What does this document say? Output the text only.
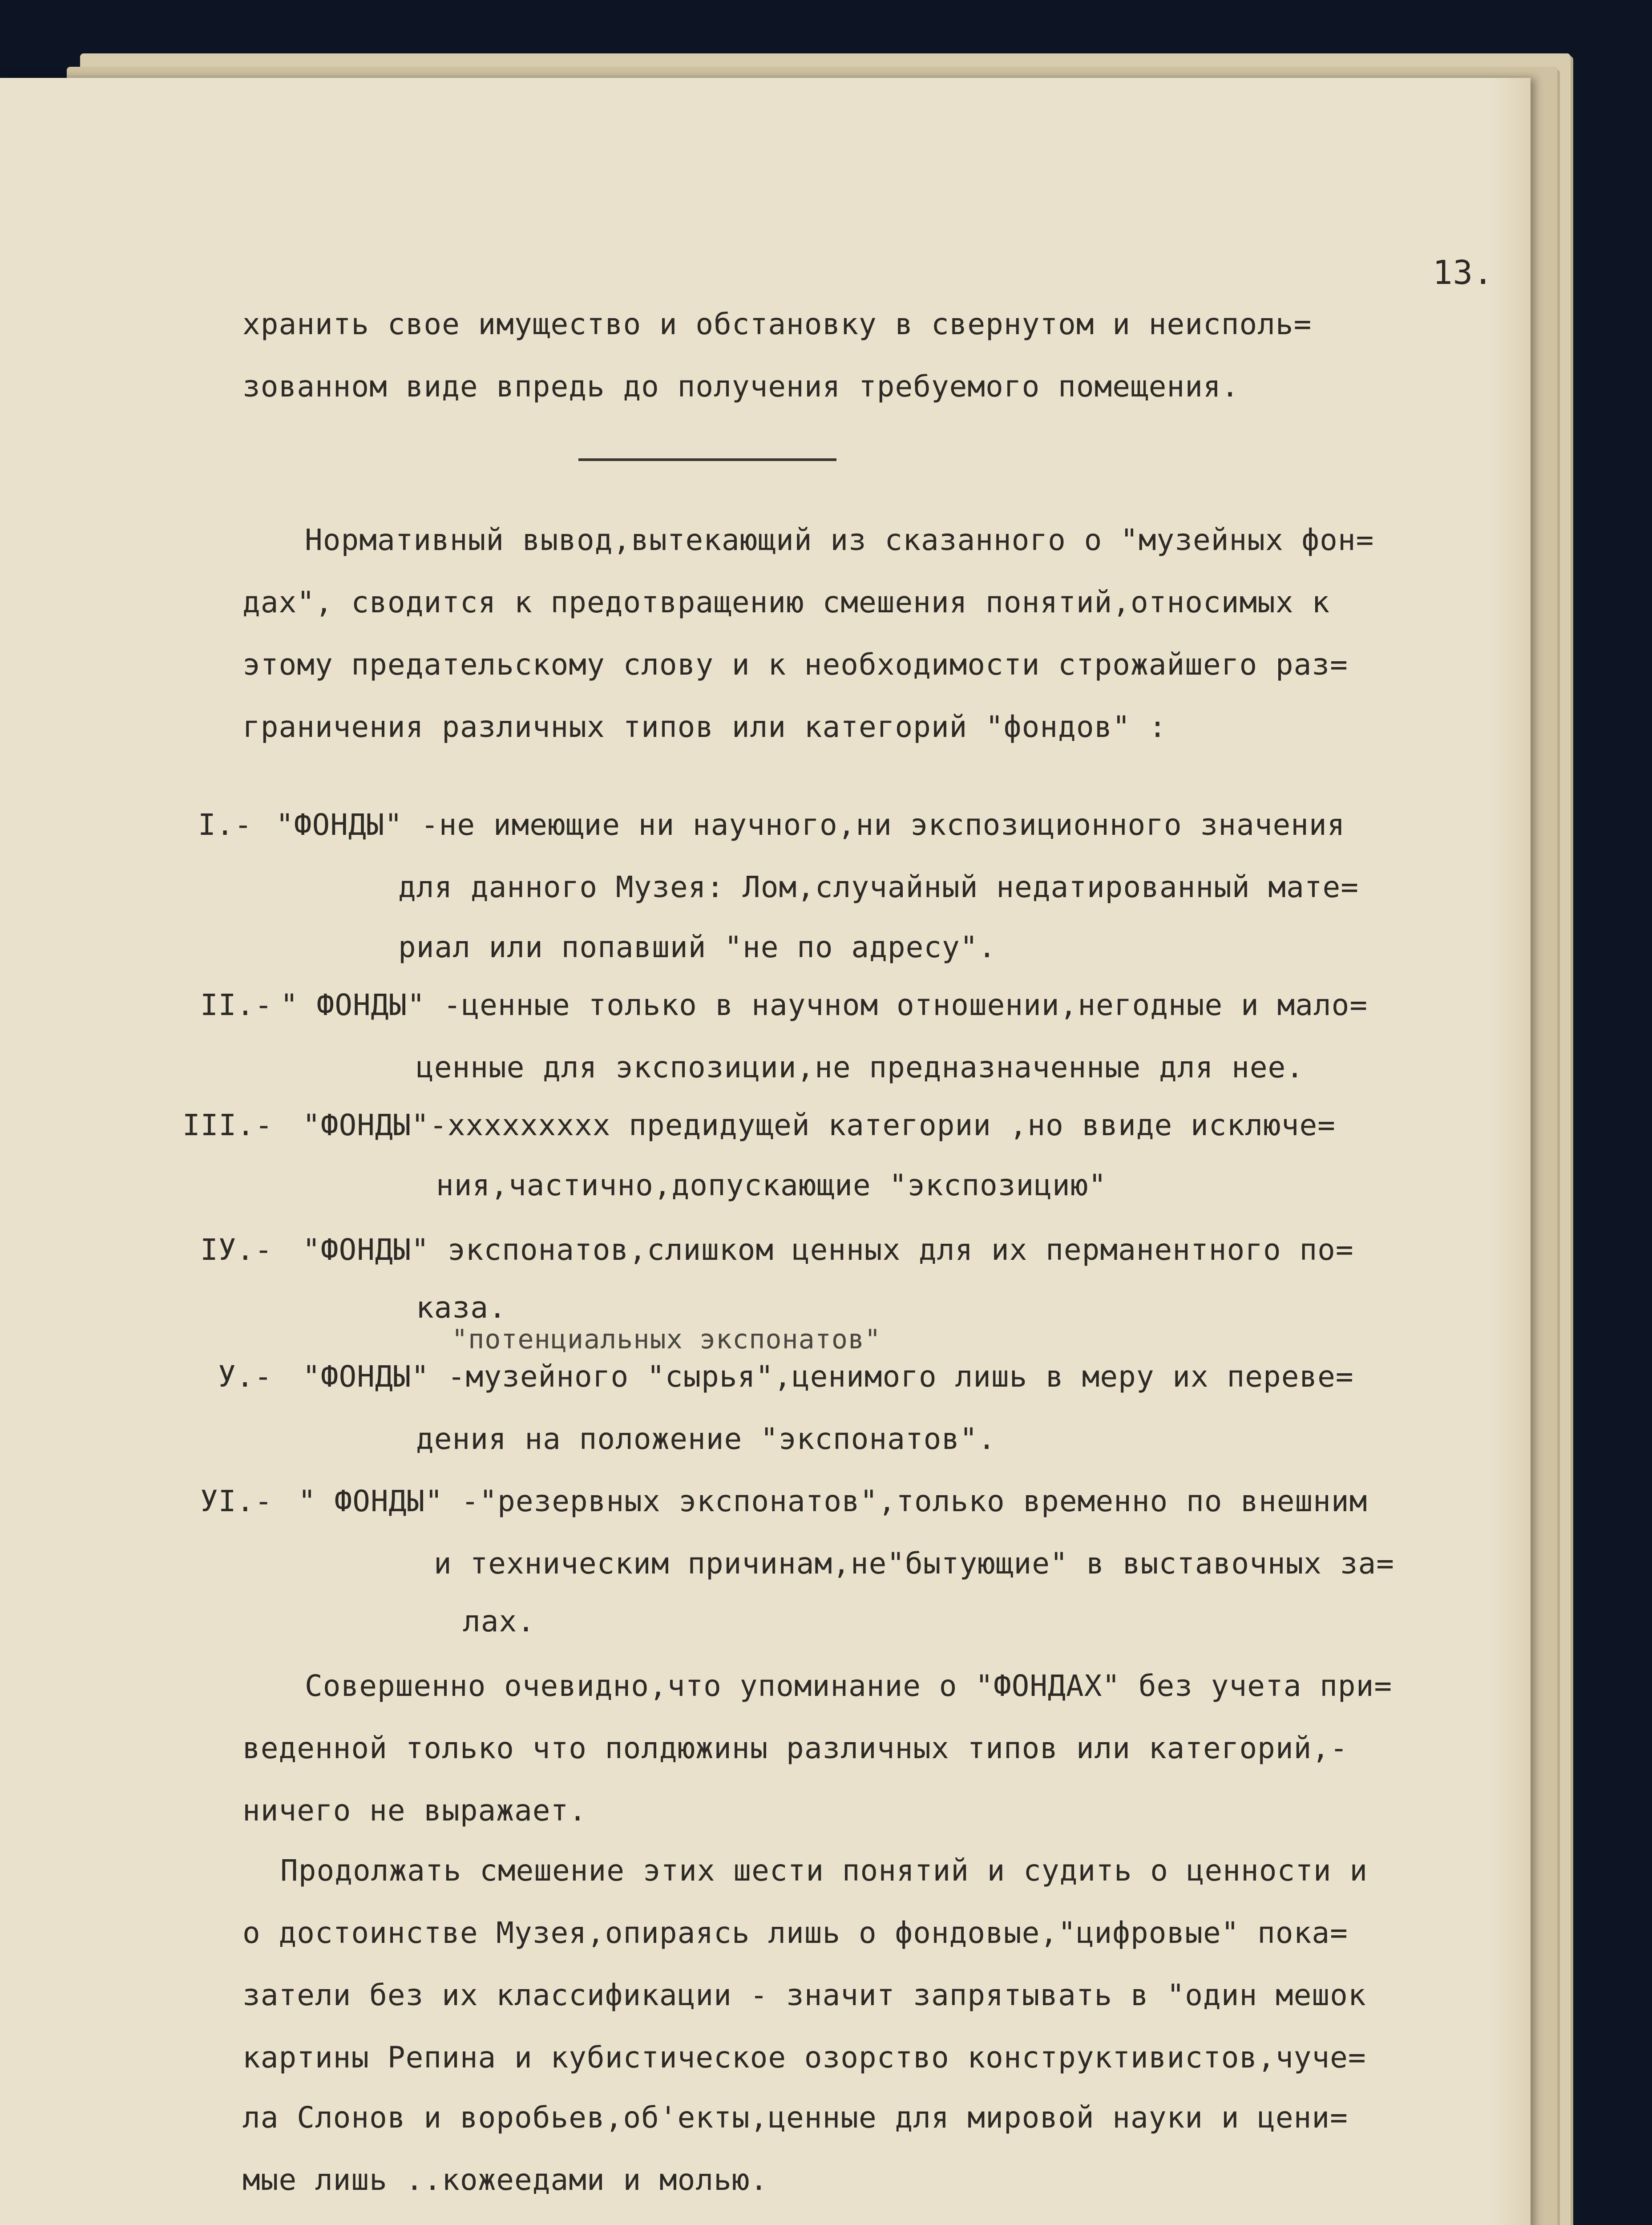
13.
хранить свое имущество и обстановку в свернутом и неисполь=
зованном виде впредь до получения требуемого помещения.
Нормативный вывод,вытекающий из сказанного о "музейных фон=
дах", сводится к предотвращению смешения понятий,относимых к
этому предательскому слову и к необходимости строжайшего раз=
граничения различных типов или категорий "фондов" :
I.- "ФОНДЫ" -не имеющие ни научного,ни экспозиционного значения
для данного Музея: Лом,случайный недатированный мате=
риал или попавший "не по адресу".
II.- " ФОНДЫ" -ценные только в научном отношении,негодные и мало=
ценные для экспозиции,не предназначенные для нее.
III.- "ФОНДЫ"-xxxxxxxxx предидущей категории ,но ввиде исключе=
ния,частично,допускающие "экспозицию"
IУ.- "ФОНДЫ" экспонатов,слишком ценных для их перманентного по=
каза.
"потенциальных экспонатов"
У.- "ФОНДЫ" -музейного "сырья",ценимого лишь в меру их переве=
дения на положение "экспонатов".
УI.- " ФОНДЫ" -"резервных экспонатов",только временно по внешним
и техническим причинам,не"бытующие" в выставочных за=
лах.
Совершенно очевидно,что упоминание о "ФОНДАХ" без учета при=
веденной только что полдюжины различных типов или категорий,-
ничего не выражает.
Продолжать смешение этих шести понятий и судить о ценности и
о достоинстве Музея,опираясь лишь о фондовые,"цифровые" пока=
затели без их классификации - значит запрятывать в "один мешок
картины Репина и кубистическое озорство конструктивистов,чуче=
ла Слонов и воробьев,об'екты,ценные для мировой науки и цени=
мые лишь ..кожеедами и молью.
